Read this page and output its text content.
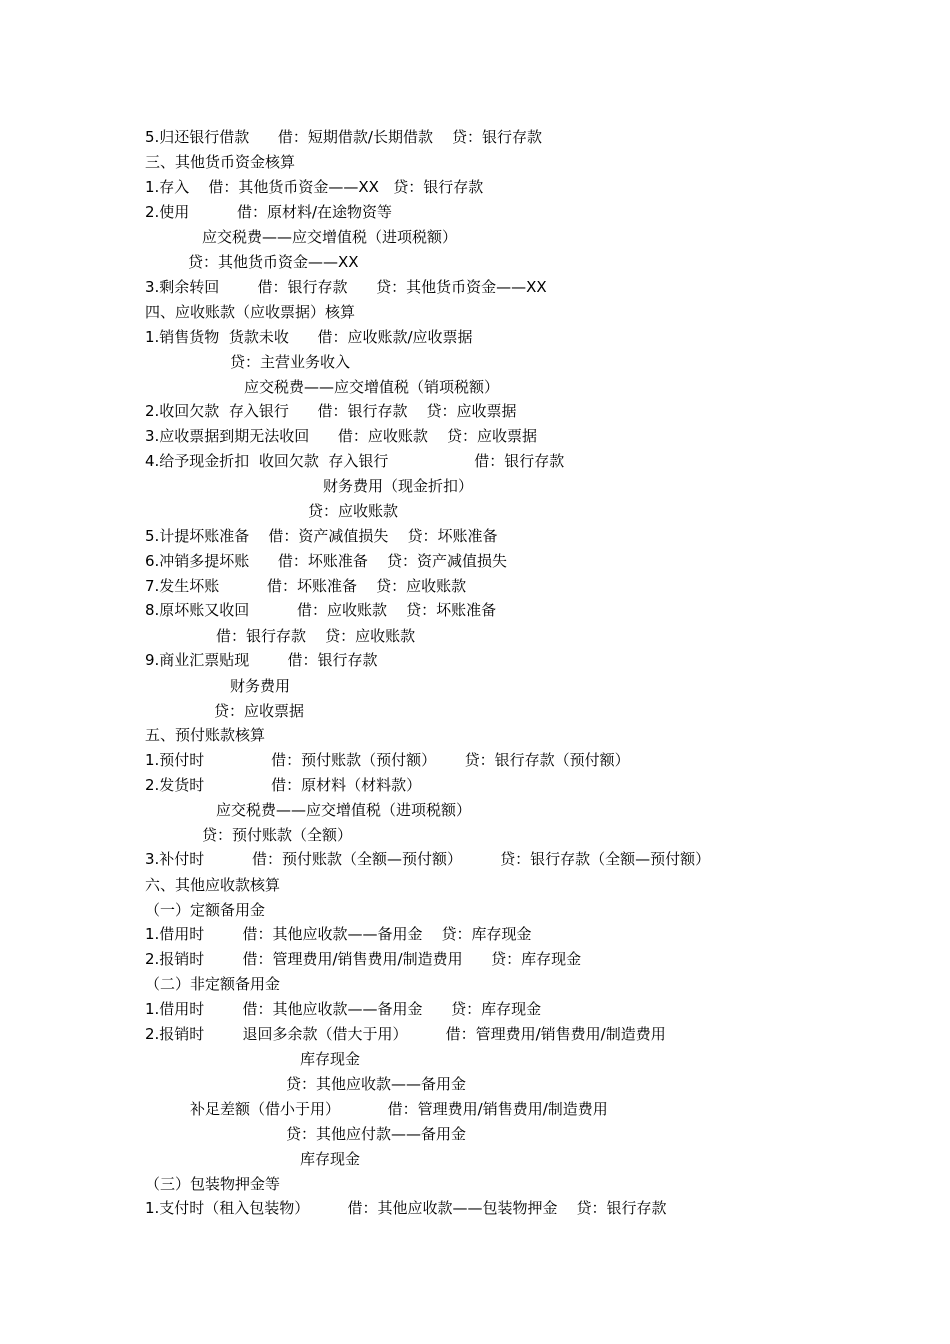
5.归还银行借款      借：短期借款/长期借款    贷：银行存款

三、其他货币资金核算

1.存入    借：其他货币资金——XX   贷：银行存款

2.使用          借：原材料/在途物资等

应交税费——应交增值税（进项税额）

贷：其他货币资金——XX

3.剩余转回        借：银行存款      贷：其他货币资金——XX

四、应收账款（应收票据）核算

1.销售货物  货款未收      借：应收账款/应收票据

贷：主营业务收入

应交税费——应交增值税（销项税额）

2.收回欠款  存入银行      借：银行存款    贷：应收票据

3.应收票据到期无法收回      借：应收账款    贷：应收票据

4.给予现金折扣  收回欠款  存入银行                  借：银行存款

财务费用（现金折扣）

贷：应收账款

5.计提坏账准备    借：资产减值损失    贷：坏账准备

6.冲销多提坏账      借：坏账准备    贷：资产减值损失

7.发生坏账          借：坏账准备    贷：应收账款

8.原坏账又收回          借：应收账款    贷：坏账准备

借：银行存款    贷：应收账款

9.商业汇票贴现        借：银行存款

财务费用

贷：应收票据

五、预付账款核算

1.预付时              借：预付账款（预付额）      贷：银行存款（预付额）

2.发货时              借：原材料（材料款）

应交税费——应交增值税（进项税额）

贷：预付账款（全额）

3.补付时          借：预付账款（全额—预付额）        贷：银行存款（全额—预付额）

六、其他应收款核算

（一）定额备用金

1.借用时        借：其他应收款——备用金    贷：库存现金

2.报销时        借：管理费用/销售费用/制造费用      贷：库存现金

（二）非定额备用金

1.借用时        借：其他应收款——备用金      贷：库存现金

2.报销时        退回多余款（借大于用）        借：管理费用/销售费用/制造费用

库存现金

贷：其他应收款——备用金

补足差额（借小于用）          借：管理费用/销售费用/制造费用

贷：其他应付款——备用金

库存现金

（三）包装物押金等

1.支付时（租入包装物）        借：其他应收款——包装物押金    贷：银行存款
